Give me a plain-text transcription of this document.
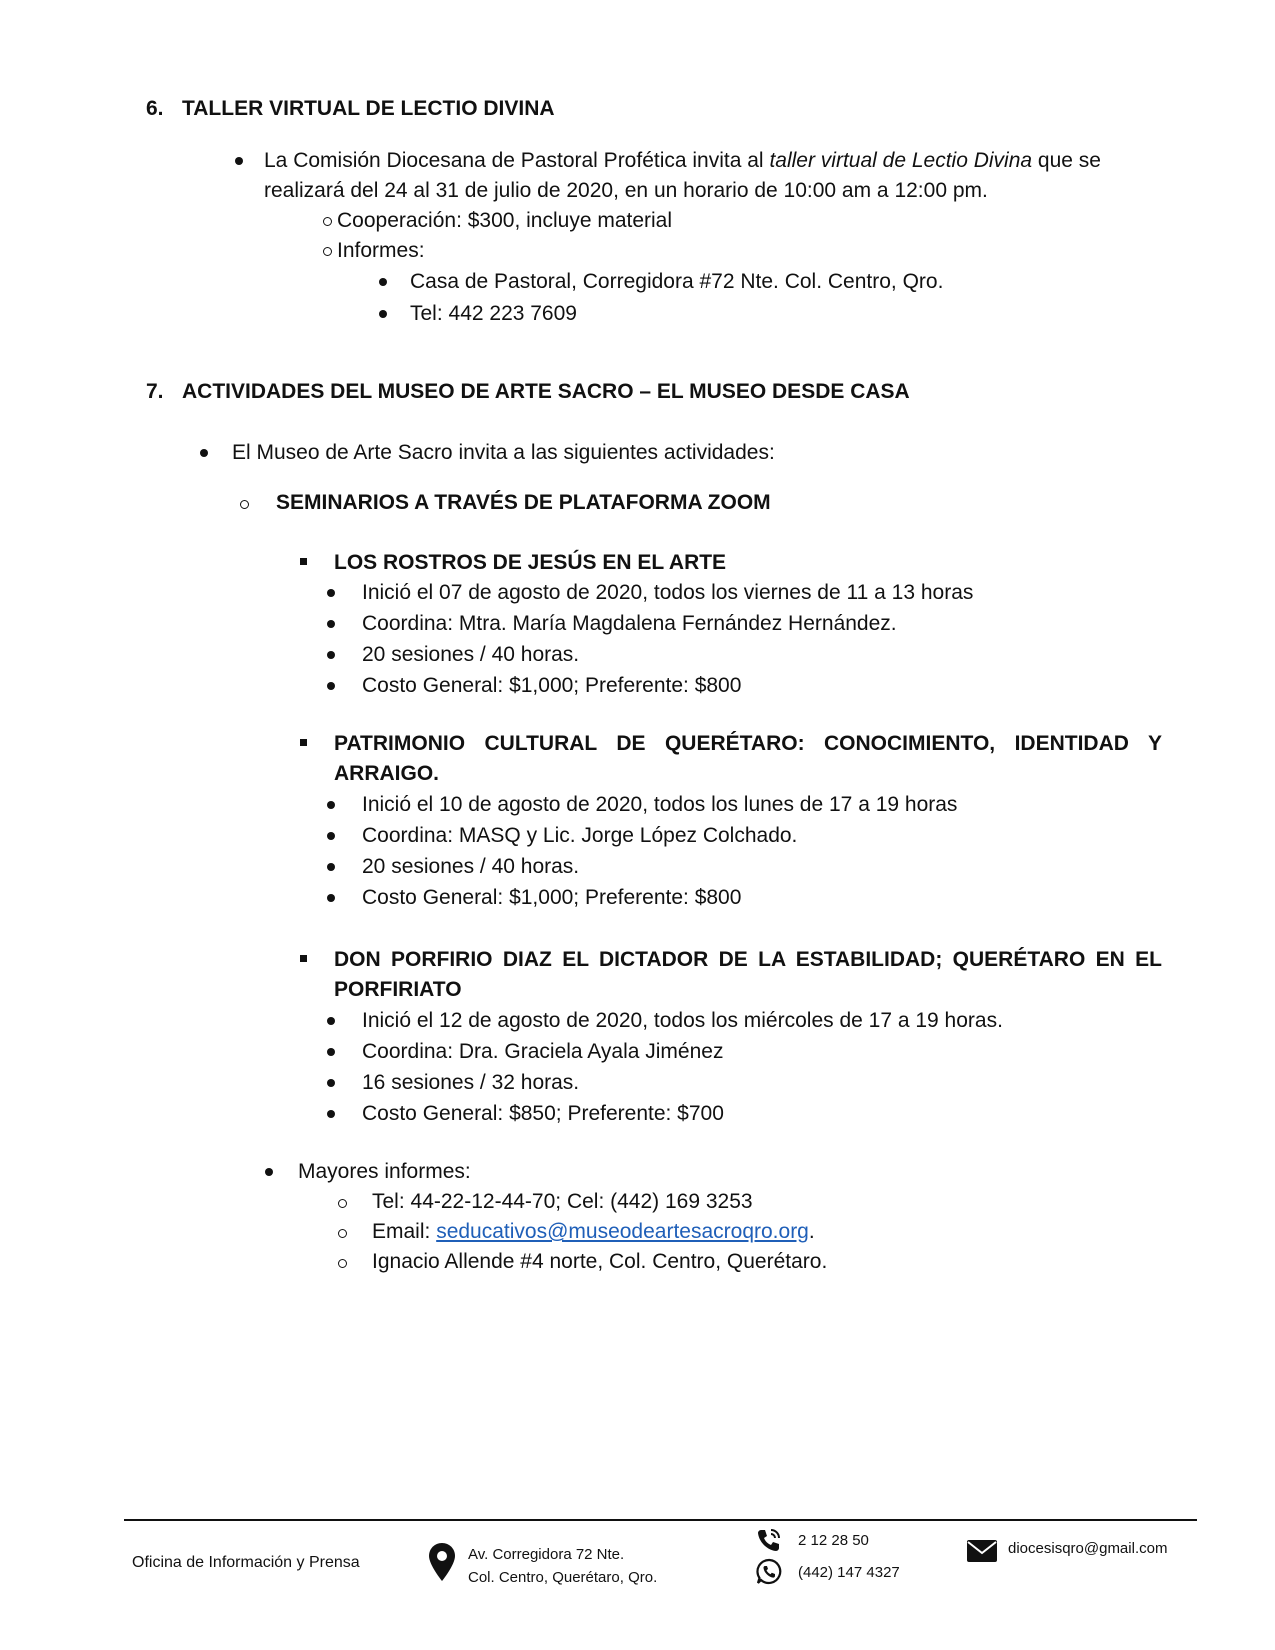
6. TALLER VIRTUAL DE LECTIO DIVINA
La Comisión Diocesana de Pastoral Profética invita al taller virtual de Lectio Divina que se
realizará del 24 al 31 de julio de 2020, en un horario de 10:00 am a 12:00 pm.
Cooperación: $300, incluye material
Informes:
Casa de Pastoral, Corregidora #72 Nte. Col. Centro, Qro.
Tel: 442 223 7609
7. ACTIVIDADES DEL MUSEO DE ARTE SACRO – EL MUSEO DESDE CASA
El Museo de Arte Sacro invita a las siguientes actividades:
SEMINARIOS A TRAVÉS DE PLATAFORMA ZOOM
LOS ROSTROS DE JESÚS EN EL ARTE
Inició el 07 de agosto de 2020, todos los viernes de 11 a 13 horas
Coordina: Mtra. María Magdalena Fernández Hernández.
20 sesiones / 40 horas.
Costo General: $1,000; Preferente: $800
PATRIMONIO CULTURAL DE QUERÉTARO: CONOCIMIENTO, IDENTIDAD Y
ARRAIGO.
Inició el 10 de agosto de 2020, todos los lunes de 17 a 19 horas
Coordina: MASQ y Lic. Jorge López Colchado.
20 sesiones / 40 horas.
Costo General: $1,000; Preferente: $800
DON PORFIRIO DIAZ EL DICTADOR DE LA ESTABILIDAD; QUERÉTARO EN EL
PORFIRIATO
Inició el 12 de agosto de 2020, todos los miércoles de 17 a 19 horas.
Coordina: Dra. Graciela Ayala Jiménez
16 sesiones / 32 horas.
Costo General: $850; Preferente: $700
Mayores informes:
Tel: 44-22-12-44-70; Cel: (442) 169 3253
Email: seducativos@museodeartesacroqro.org.
Ignacio Allende #4 norte, Col. Centro, Querétaro.
Oficina de Información y Prensa	Av. Corregidora 72 Nte.
Col. Centro, Querétaro, Qro.
2 12 28 50
(442) 147 4327
diocesisqro@gmail.com
